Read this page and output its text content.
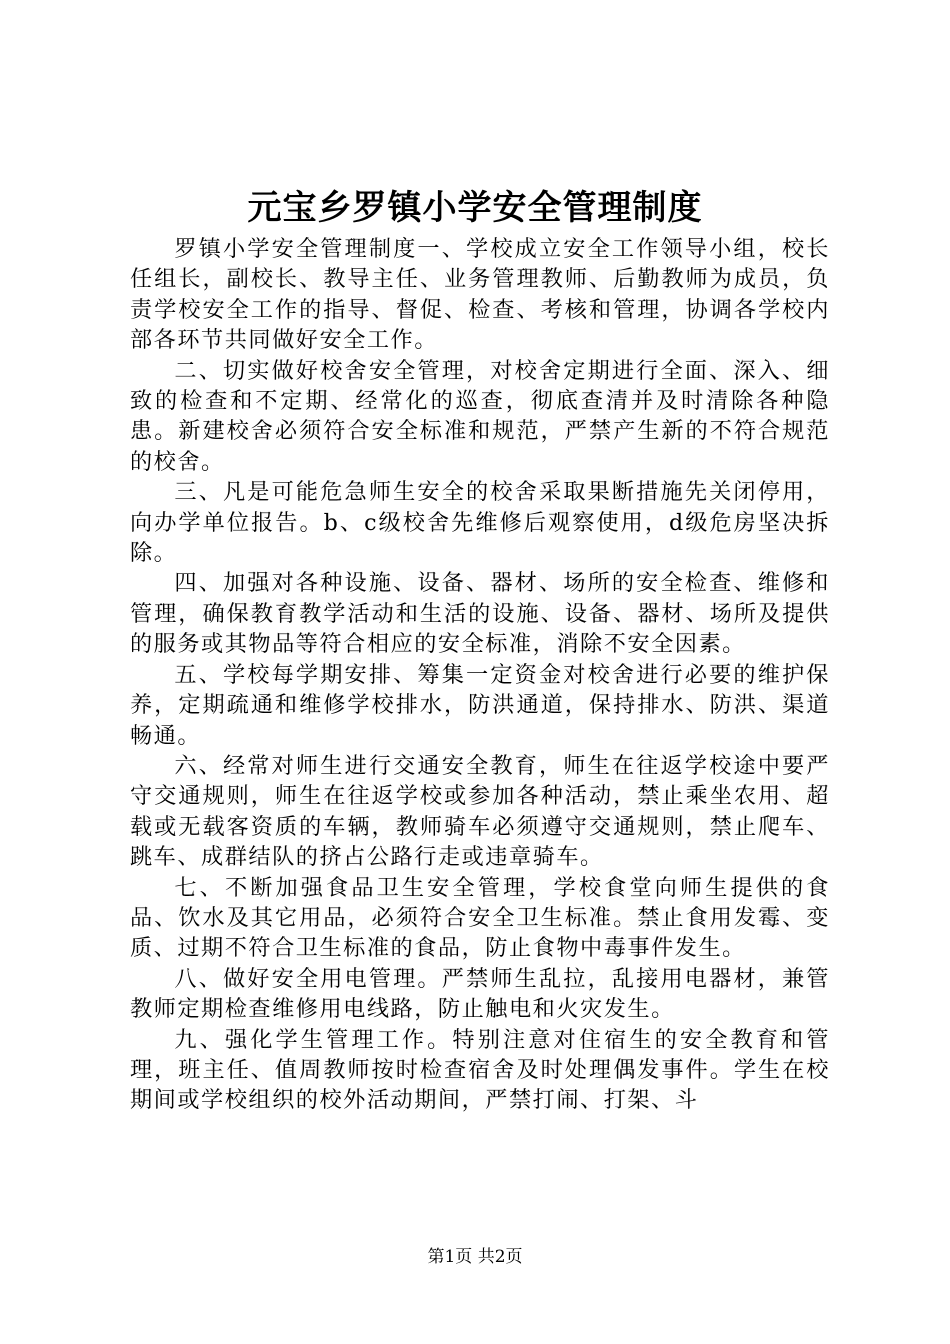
元宝乡罗镇小学安全管理制度

罗镇小学安全管理制度一、学校成立安全工作领导小组，校长任组长，副校长、教导主任、业务管理教师、后勤教师为成员，负责学校安全工作的指导、督促、检查、考核和管理，协调各学校内部各环节共同做好安全工作。

二、切实做好校舍安全管理，对校舍定期进行全面、深入、细致的检查和不定期、经常化的巡查，彻底查清并及时清除各种隐患。新建校舍必须符合安全标准和规范，严禁产生新的不符合规范的校舍。

三、凡是可能危急师生安全的校舍采取果断措施先关闭停用，向办学单位报告。b、c级校舍先维修后观察使用，d级危房坚决拆除。

四、加强对各种设施、设备、器材、场所的安全检查、维修和管理，确保教育教学活动和生活的设施、设备、器材、场所及提供的服务或其物品等符合相应的安全标准，消除不安全因素。

五、学校每学期安排、筹集一定资金对校舍进行必要的维护保养，定期疏通和维修学校排水，防洪通道，保持排水、防洪、渠道畅通。

六、经常对师生进行交通安全教育，师生在往返学校途中要严守交通规则，师生在往返学校或参加各种活动，禁止乘坐农用、超载或无载客资质的车辆，教师骑车必须遵守交通规则，禁止爬车、跳车、成群结队的挤占公路行走或违章骑车。

七、不断加强食品卫生安全管理，学校食堂向师生提供的食品、饮水及其它用品，必须符合安全卫生标准。禁止食用发霉、变质、过期不符合卫生标准的食品，防止食物中毒事件发生。

八、做好安全用电管理。严禁师生乱拉，乱接用电器材，兼管教师定期检查维修用电线路，防止触电和火灾发生。

九、强化学生管理工作。特别注意对住宿生的安全教育和管理，班主任、值周教师按时检查宿舍及时处理偶发事件。学生在校期间或学校组织的校外活动期间，严禁打闹、打架、斗

第1页 共2页
